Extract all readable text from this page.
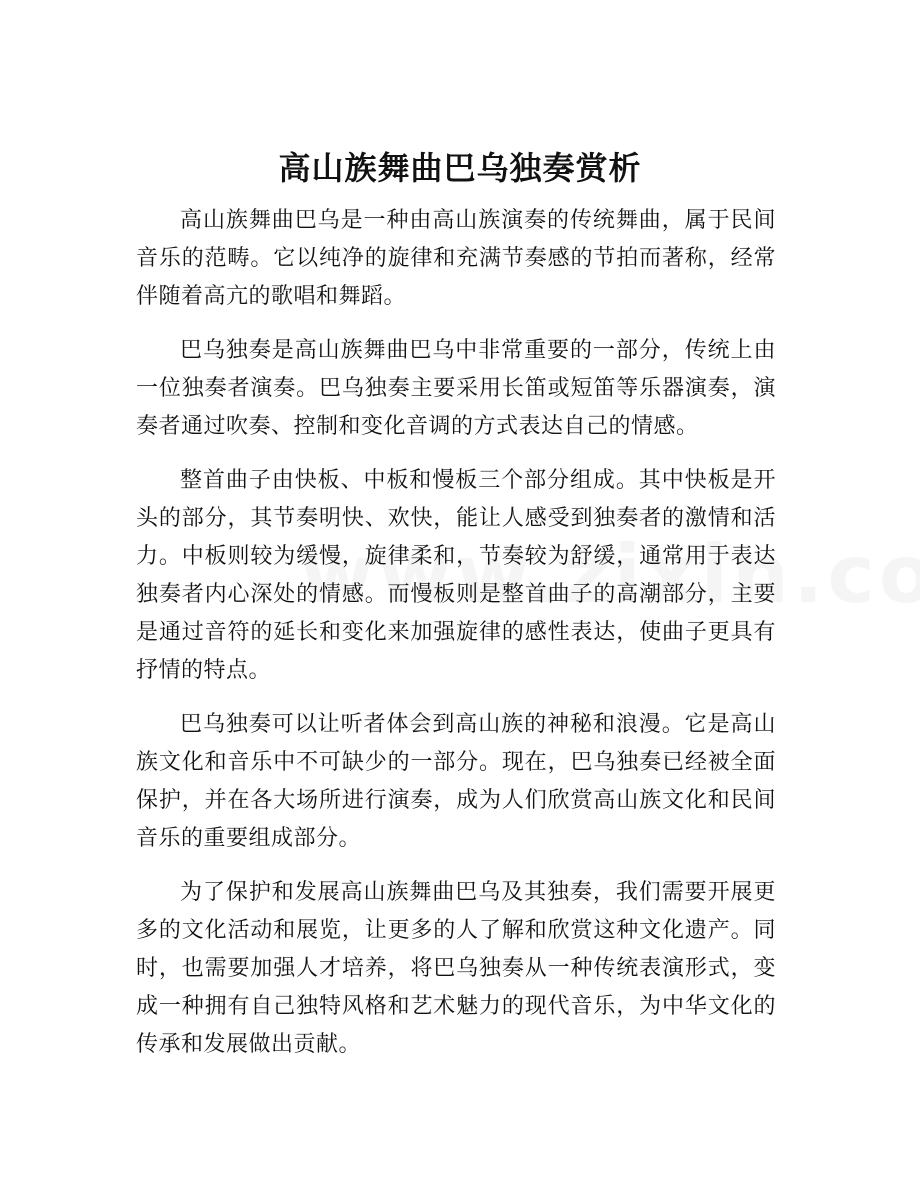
高山族舞曲巴乌独奏赏析

高山族舞曲巴乌是一种由高山族演奏的传统舞曲，属于民间音乐的范畴。它以纯净的旋律和充满节奏感的节拍而著称，经常伴随着高亢的歌唱和舞蹈。

巴乌独奏是高山族舞曲巴乌中非常重要的一部分，传统上由一位独奏者演奏。巴乌独奏主要采用长笛或短笛等乐器演奏，演奏者通过吹奏、控制和变化音调的方式表达自己的情感。

整首曲子由快板、中板和慢板三个部分组成。其中快板是开头的部分，其节奏明快、欢快，能让人感受到独奏者的激情和活力。中板则较为缓慢，旋律柔和，节奏较为舒缓，通常用于表达独奏者内心深处的情感。而慢板则是整首曲子的高潮部分，主要是通过音符的延长和变化来加强旋律的感性表达，使曲子更具有抒情的特点。

巴乌独奏可以让听者体会到高山族的神秘和浪漫。它是高山族文化和音乐中不可缺少的一部分。现在，巴乌独奏已经被全面保护，并在各大场所进行演奏，成为人们欣赏高山族文化和民间音乐的重要组成部分。

为了保护和发展高山族舞曲巴乌及其独奏，我们需要开展更多的文化活动和展览，让更多的人了解和欣赏这种文化遗产。同时，也需要加强人才培养，将巴乌独奏从一种传统表演形式，变成一种拥有自己独特风格和艺术魅力的现代音乐，为中华文化的传承和发展做出贡献。
